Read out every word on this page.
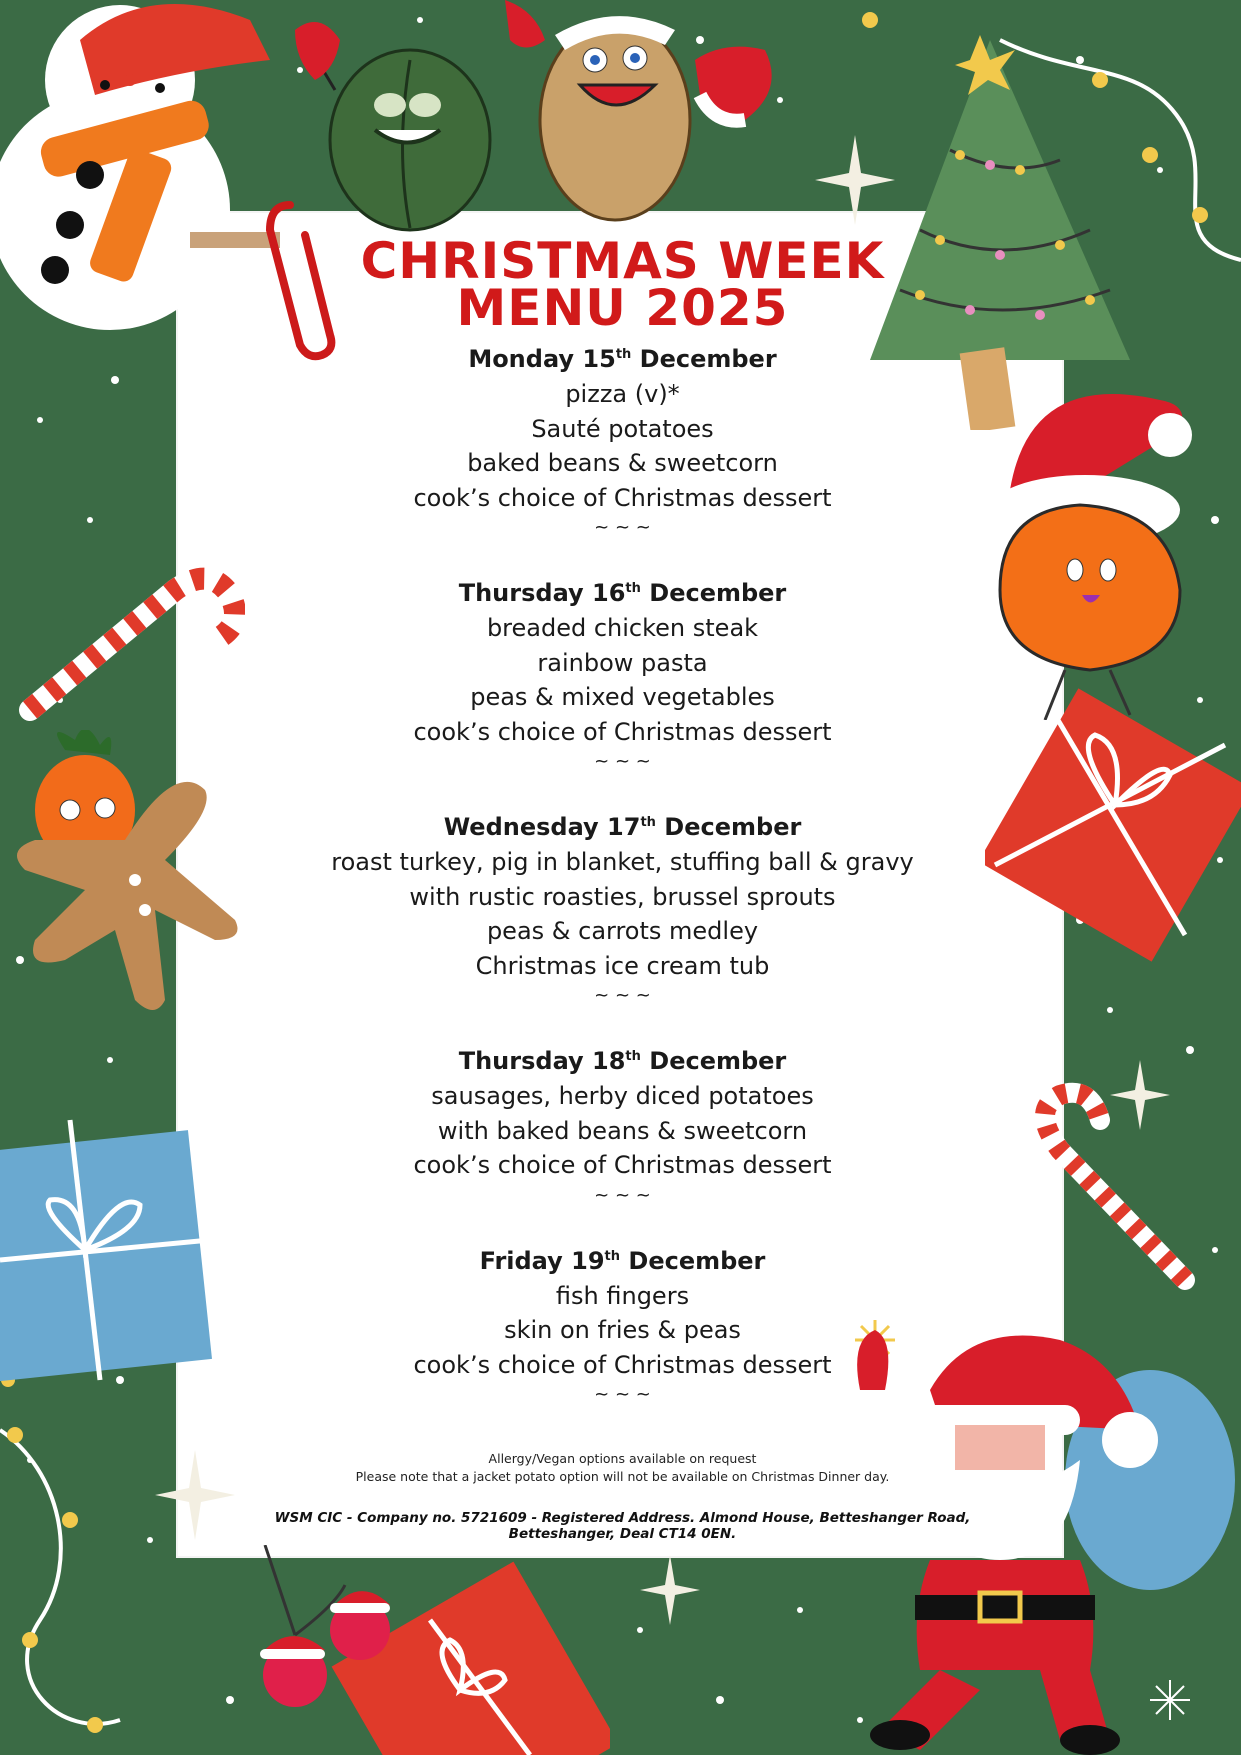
CHRISTMAS WEEK
MENU 2025
Monday 15th December
pizza (v)*
Sauté potatoes
baked beans & sweetcorn
cook’s choice of Christmas dessert
~ ~ ~
Thursday 16th December
breaded chicken steak
rainbow pasta
peas & mixed vegetables
cook’s choice of Christmas dessert
~ ~ ~
Wednesday 17th December
roast turkey, pig in blanket, stuffing ball & gravy
with rustic roasties, brussel sprouts
peas & carrots medley
Christmas ice cream tub
~ ~ ~
Thursday 18th December
sausages, herby diced potatoes
with baked beans & sweetcorn
cook’s choice of Christmas dessert
~ ~ ~
Friday 19th December
fish fingers
skin on fries & peas
cook’s choice of Christmas dessert
~ ~ ~
Allergy/Vegan options available on request
Please note that a jacket potato option will not be available on Christmas Dinner day.
WSM CIC - Company no. 5721609 - Registered Address. Almond House, Betteshanger Road,
Betteshanger, Deal CT14 0EN.
